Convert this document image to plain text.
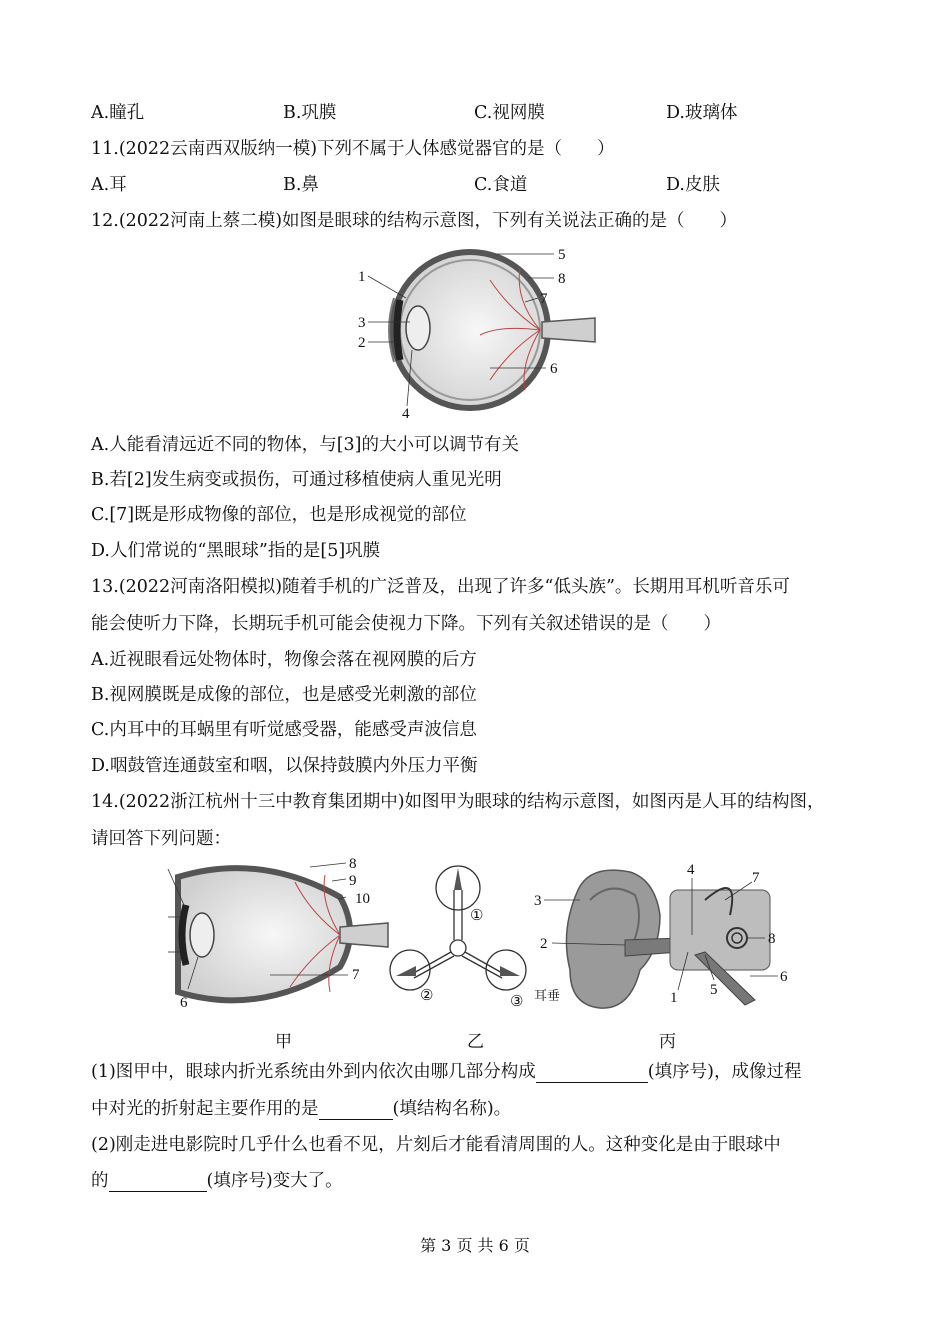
A.瞳孔	B.巩膜	C.视网膜	D.玻璃体
11.(2022云南西双版纳一模)下列不属于人体感觉器官的是（　　）
A.耳	B.鼻	C.食道	D.皮肤
12.(2022河南上蔡二模)如图是眼球的结构示意图，下列有关说法正确的是（　　）
1
2
3
4
5
6
7
8
A.人能看清远近不同的物体，与[3]的大小可以调节有关
B.若[2]发生病变或损伤，可通过移植使病人重见光明
C.[7]既是形成物像的部位，也是形成视觉的部位
D.人们常说的“黑眼球”指的是[5]巩膜
13.(2022河南洛阳模拟)随着手机的广泛普及，出现了许多“低头族”。长期用耳机听音乐可
能会使听力下降，长期玩手机可能会使视力下降。下列有关叙述错误的是（　　）
A.近视眼看远处物体时，物像会落在视网膜的后方
B.视网膜既是成像的部位，也是感受光刺激的部位
C.内耳中的耳蜗里有听觉感受器，能感受声波信息
D.咽鼓管连通鼓室和咽，以保持鼓膜内外压力平衡
14.(2022浙江杭州十三中教育集团期中)如图甲为眼球的结构示意图，如图丙是人耳的结构图，
请回答下列问题：
8
9
10
7
6
①
②	③
3
2
耳垂
4	7
8
6
5
1
甲	乙	丙
(1)图甲中，眼球内折光系统由外到内依次由哪几部分构成	(填序号)，成像过程
中对光的折射起主要作用的是	(填结构名称)。
(2)刚走进电影院时几乎什么也看不见，片刻后才能看清周围的人。这种变化是由于眼球中
的	(填序号)变大了。
第 3 页 共 6 页
